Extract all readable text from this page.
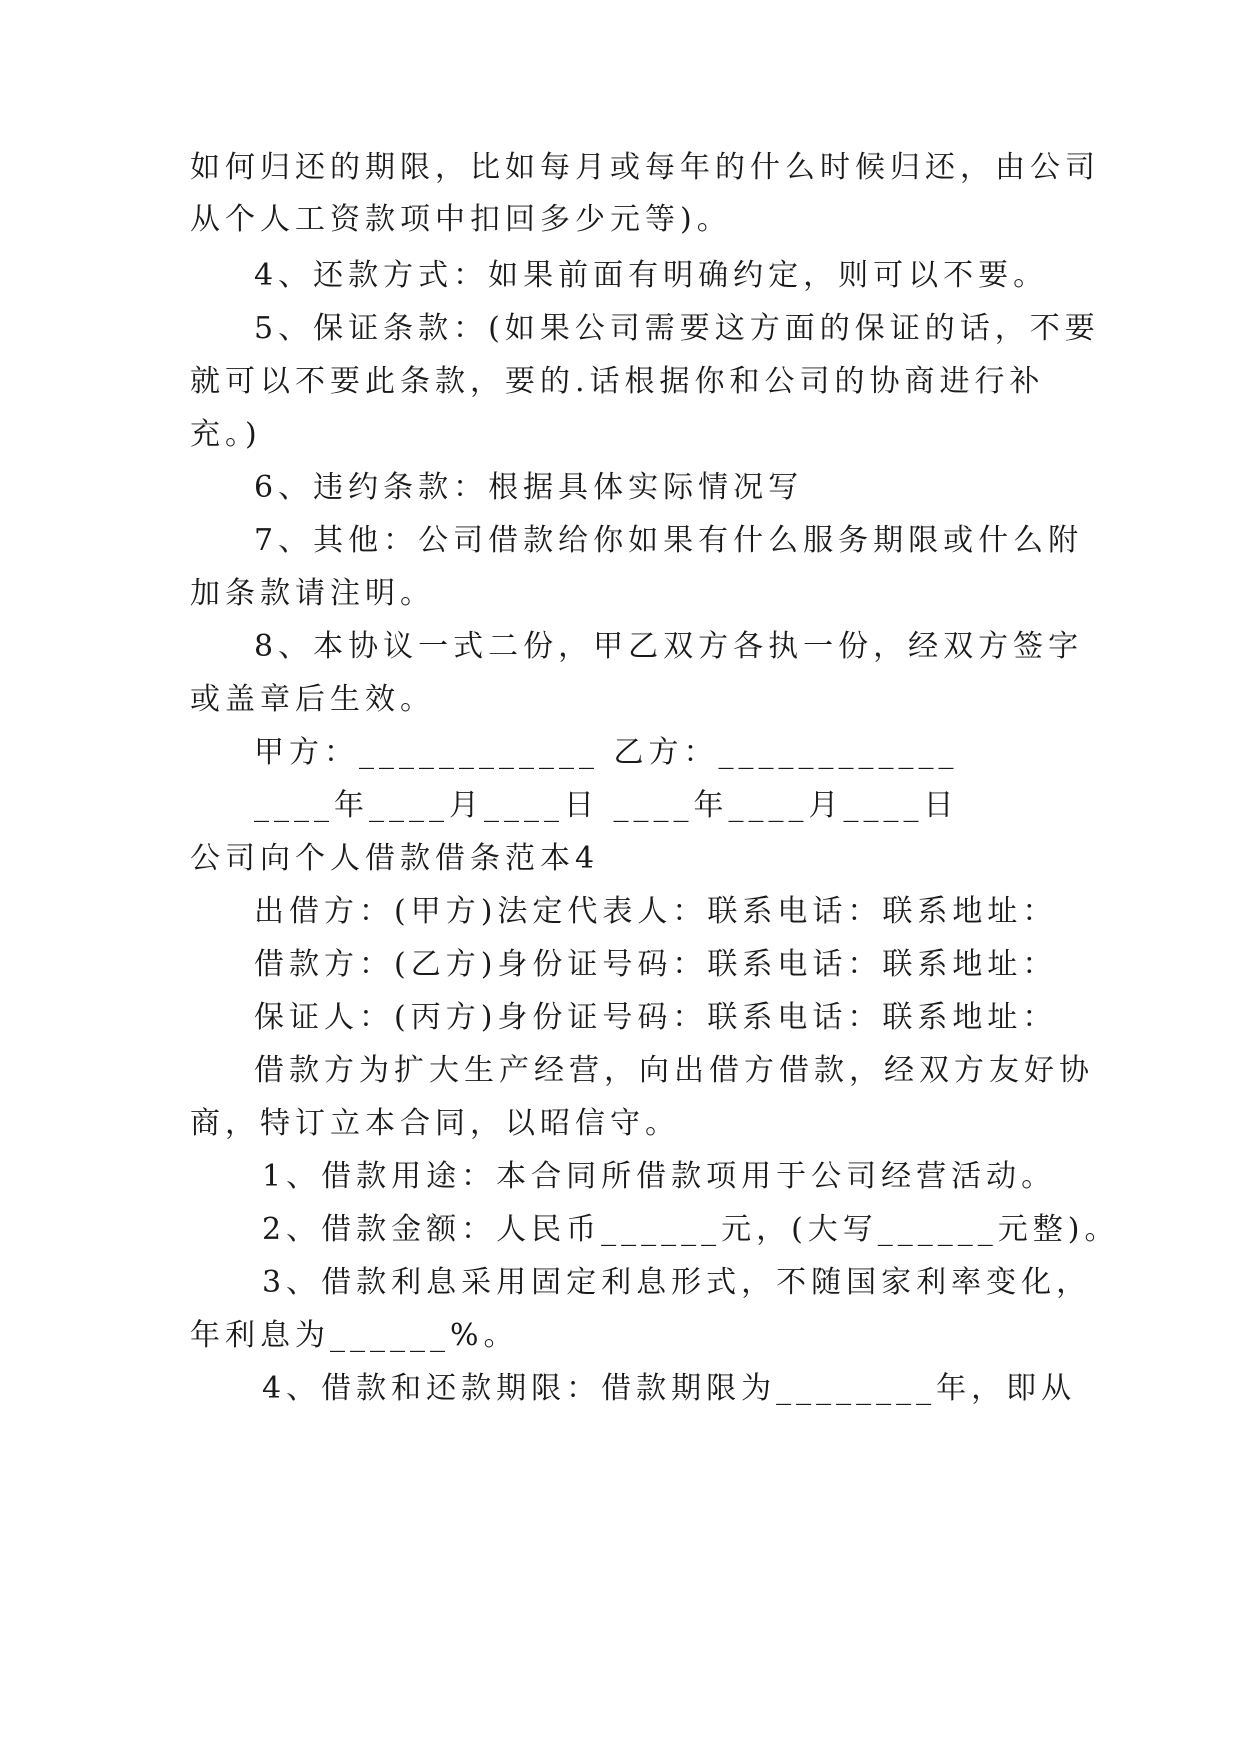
如何归还的期限，比如每月或每年的什么时候归还，由公司
从个人工资款项中扣回多少元等)。
4、还款方式：如果前面有明确约定，则可以不要。
5、保证条款：(如果公司需要这方面的保证的话，不要
就可以不要此条款，要的.话根据你和公司的协商进行补
充。)
6、违约条款：根据具体实际情况写
7、其他：公司借款给你如果有什么服务期限或什么附
加条款请注明。
8、本协议一式二份，甲乙双方各执一份，经双方签字
或盖章后生效。
甲方：____________ 乙方：____________
____年____月____日 ____年____月____日
公司向个人借款借条范本4
出借方：(甲方)法定代表人：联系电话：联系地址：
借款方：(乙方)身份证号码：联系电话：联系地址：
保证人：(丙方)身份证号码：联系电话：联系地址：
借款方为扩大生产经营，向出借方借款，经双方友好协
商，特订立本合同，以昭信守。
1、借款用途：本合同所借款项用于公司经营活动。
2、借款金额：人民币______元，(大写______元整)。
3、借款利息采用固定利息形式，不随国家利率变化，
年利息为______%。
4、借款和还款期限：借款期限为________年，即从
